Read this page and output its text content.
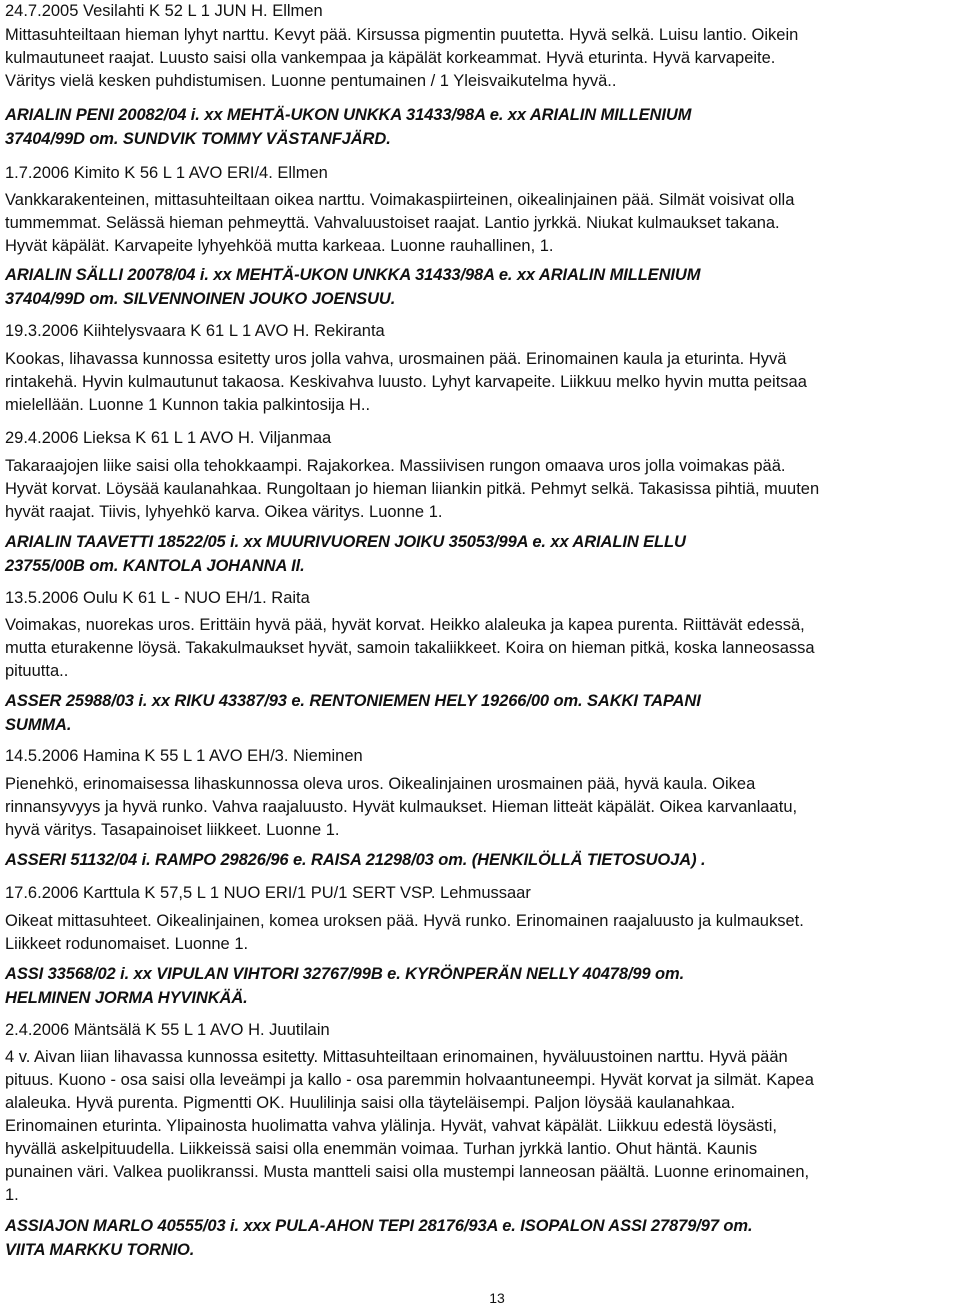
24.7.2005 Vesilahti K 52 L 1 JUN H. Ellmen
Mittasuhteiltaan hieman lyhyt narttu. Kevyt pää. Kirsussa pigmentin puutetta. Hyvä selkä. Luisu lantio. Oikein
kulmautuneet raajat. Luusto saisi olla vankempaa ja käpälät korkeammat. Hyvä eturinta. Hyvä karvapeite.
Väritys vielä kesken puhdistumisen. Luonne pentumainen / 1 Yleisvaikutelma hyvä..
ARIALIN PENI 20082/04 i. xx MEHTÄ-UKON UNKKA 31433/98A e. xx ARIALIN MILLENIUM
37404/99D om. SUNDVIK TOMMY VÄSTANFJÄRD.
1.7.2006 Kimito K 56 L 1 AVO ERI/4. Ellmen
Vankkarakenteinen, mittasuhteiltaan oikea narttu. Voimakaspiirteinen, oikealinjainen pää. Silmät voisivat olla
tummemmat. Selässä hieman pehmeyttä. Vahvaluustoiset raajat. Lantio jyrkkä. Niukat kulmaukset takana.
Hyvät käpälät. Karvapeite lyhyehköä mutta karkeaa. Luonne rauhallinen, 1.
ARIALIN SÄLLI 20078/04 i. xx MEHTÄ-UKON UNKKA 31433/98A e. xx ARIALIN MILLENIUM
37404/99D om. SILVENNOINEN JOUKO JOENSUU.
19.3.2006 Kiihtelysvaara K 61 L 1 AVO H. Rekiranta
Kookas, lihavassa kunnossa esitetty uros jolla vahva, urosmainen pää. Erinomainen kaula ja eturinta. Hyvä
rintakehä. Hyvin kulmautunut takaosa. Keskivahva luusto. Lyhyt karvapeite. Liikkuu melko hyvin mutta peitsaa
mielellään. Luonne 1 Kunnon takia palkintosija H..
29.4.2006 Lieksa K 61 L 1 AVO H. Viljanmaa
Takaraajojen liike saisi olla tehokkaampi. Rajakorkea. Massiivisen rungon omaava uros jolla voimakas pää.
Hyvät korvat. Löysää kaulanahkaa. Rungoltaan jo hieman liiankin pitkä. Pehmyt selkä. Takasissa pihtiä, muuten
hyvät raajat. Tiivis, lyhyehkö karva. Oikea väritys. Luonne 1.
ARIALIN TAAVETTI 18522/05 i. xx MUURIVUOREN JOIKU 35053/99A e. xx ARIALIN ELLU
23755/00B om. KANTOLA JOHANNA Il.
13.5.2006 Oulu K 61 L - NUO EH/1. Raita
Voimakas, nuorekas uros. Erittäin hyvä pää, hyvät korvat. Heikko alaleuka ja kapea purenta. Riittävät edessä,
mutta eturakenne löysä. Takakulmaukset hyvät, samoin takaliikkeet. Koira on hieman pitkä, koska lanneosassa
pituutta..
ASSER 25988/03 i. xx RIKU 43387/93 e. RENTONIEMEN HELY 19266/00 om. SAKKI TAPANI
SUMMA.
14.5.2006 Hamina K 55 L 1 AVO EH/3. Nieminen
Pienehkö, erinomaisessa lihaskunnossa oleva uros. Oikealinjainen urosmainen pää, hyvä kaula. Oikea
rinnansyvyys ja hyvä runko. Vahva raajaluusto. Hyvät kulmaukset. Hieman litteät käpälät. Oikea karvanlaatu,
hyvä väritys. Tasapainoiset liikkeet. Luonne 1.
ASSERI 51132/04 i. RAMPO 29826/96 e. RAISA 21298/03 om. (HENKILÖLLÄ TIETOSUOJA) .
17.6.2006 Karttula K 57,5 L 1 NUO ERI/1 PU/1 SERT VSP. Lehmussaar
Oikeat mittasuhteet. Oikealinjainen, komea uroksen pää. Hyvä runko. Erinomainen raajaluusto ja kulmaukset.
Liikkeet rodunomaiset. Luonne 1.
ASSI 33568/02 i. xx VIPULAN VIHTORI 32767/99B e. KYRÖNPERÄN NELLY 40478/99 om.
HELMINEN JORMA HYVINKÄÄ.
2.4.2006 Mäntsälä K 55 L 1 AVO H. Juutilain
4 v. Aivan liian lihavassa kunnossa esitetty. Mittasuhteiltaan erinomainen, hyväluustoinen narttu. Hyvä pään
pituus. Kuono - osa saisi olla leveämpi ja kallo - osa paremmin holvaantuneempi. Hyvät korvat ja silmät. Kapea
alaleuka. Hyvä purenta. Pigmentti OK. Huulilinja saisi olla täyteläisempi. Paljon löysää kaulanahkaa.
Erinomainen eturinta. Ylipainosta huolimatta vahva ylälinja. Hyvät, vahvat käpälät. Liikkuu edestä löysästi,
hyvällä askelpituudella. Liikkeissä saisi olla enemmän voimaa. Turhan jyrkkä lantio. Ohut häntä. Kaunis
punainen väri. Valkea puolikranssi. Musta mantteli saisi olla mustempi lanneosan päältä. Luonne erinomainen,
1.
ASSIAJON MARLO 40555/03 i. xxx PULA-AHON TEPI 28176/93A e. ISOPALON ASSI 27879/97 om.
VIITA MARKKU TORNIO.
13
